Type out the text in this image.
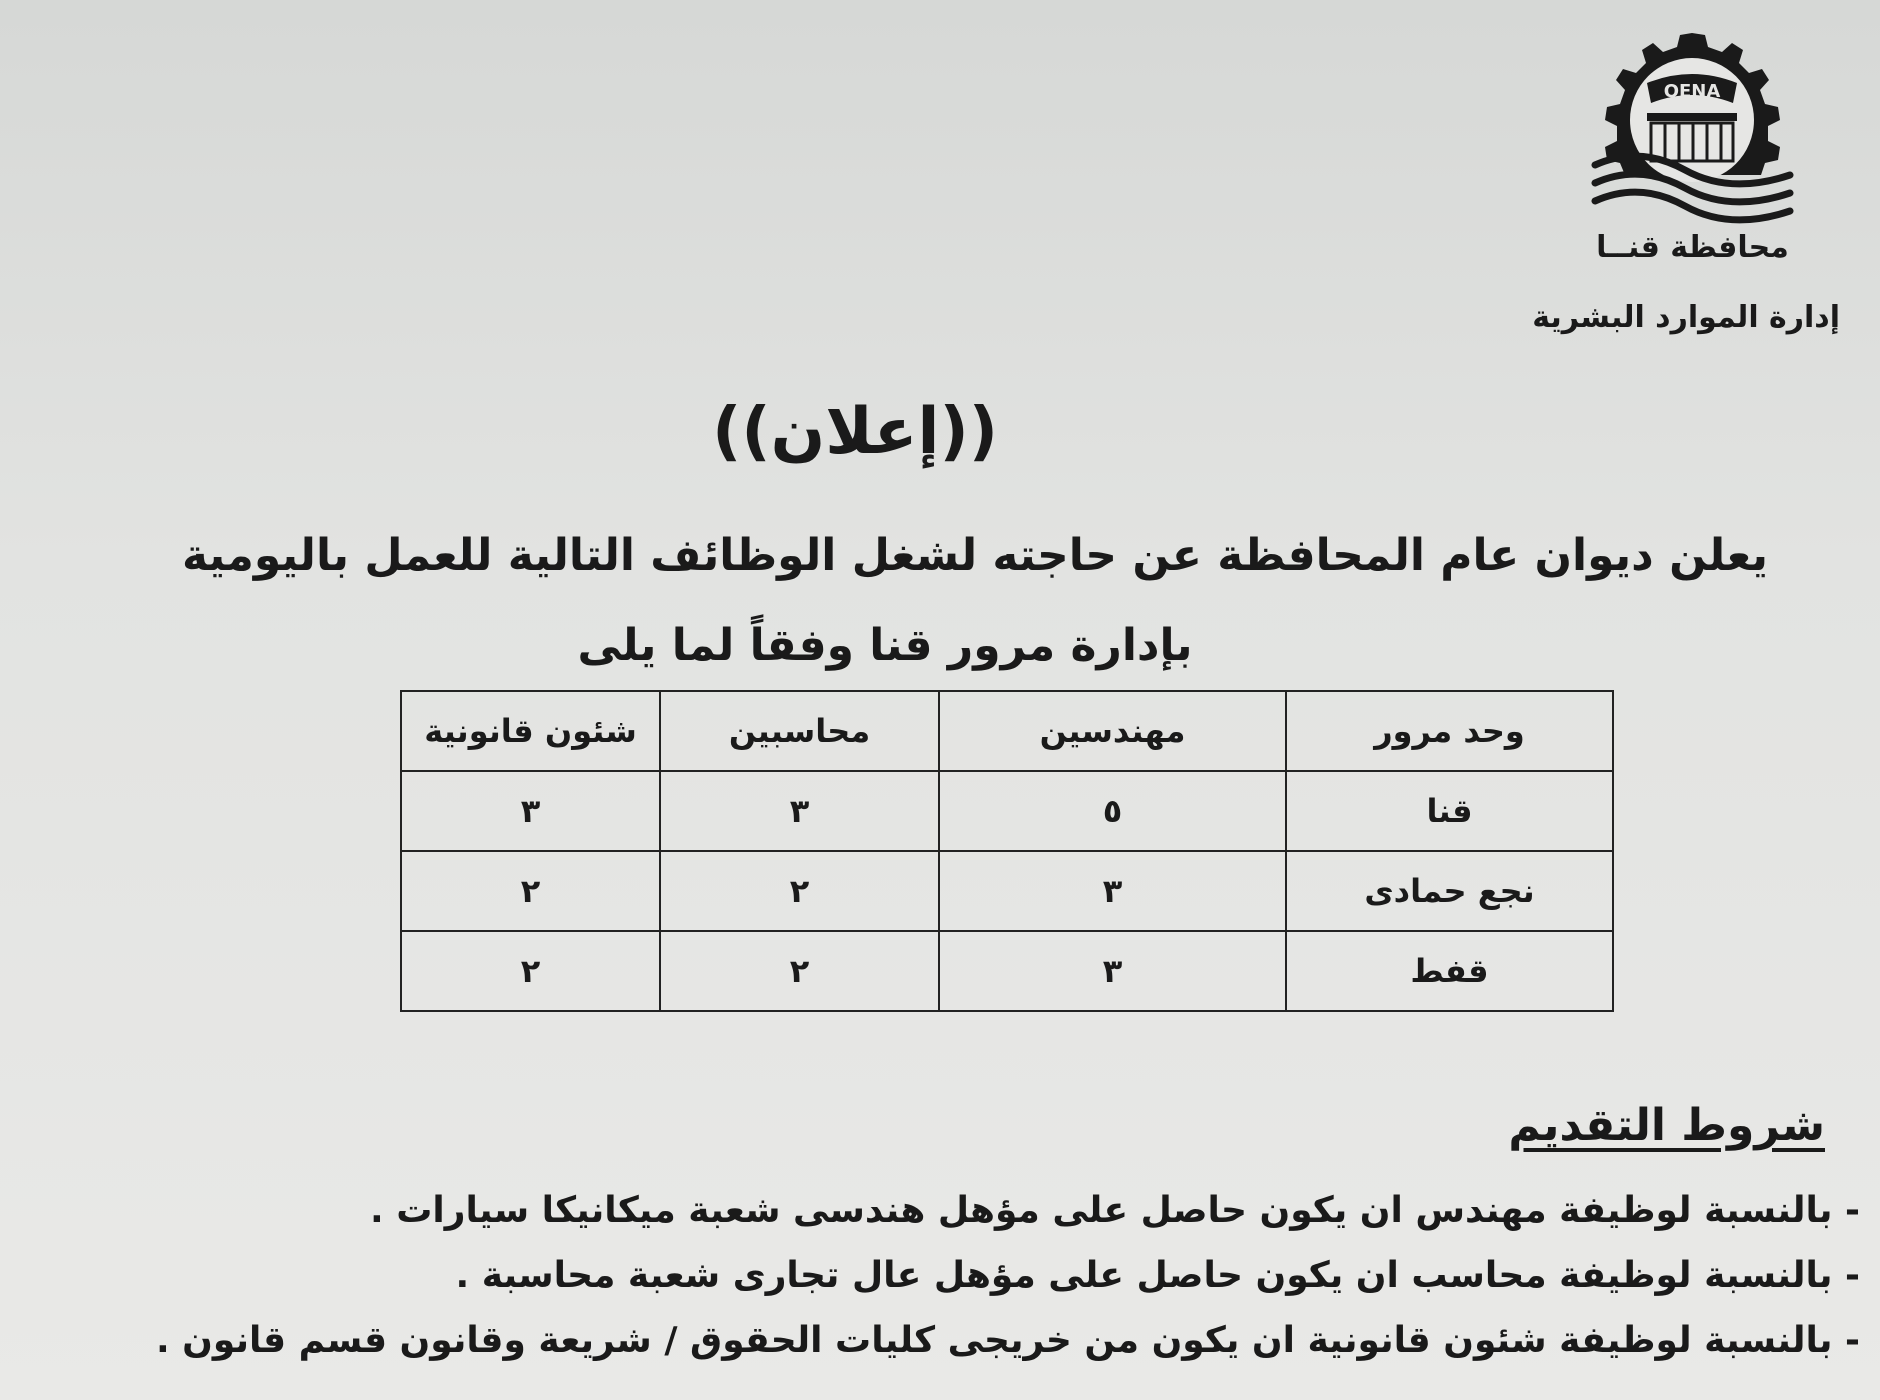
QENA
محافظة قنــا
إدارة الموارد البشرية
((إعلان))
يعلن ديوان عام المحافظة عن حاجته لشغل الوظائف التالية للعمل باليومية
بإدارة مرور قنا وفقاً لما يلى
وحد مرور	مهندسين	محاسبين	شئون قانونية
قنا	٥	٣	٣
نجع حمادى	٣	٢	٢
قفط	٣	٢	٢
شروط التقديم
- بالنسبة لوظيفة مهندس ان يكون حاصل على مؤهل هندسى شعبة ميكانيكا سيارات .
- بالنسبة لوظيفة محاسب ان يكون حاصل على مؤهل عال تجارى شعبة محاسبة .
- بالنسبة لوظيفة شئون قانونية ان يكون من خريجى كليات الحقوق / شريعة وقانون قسم قانون .
